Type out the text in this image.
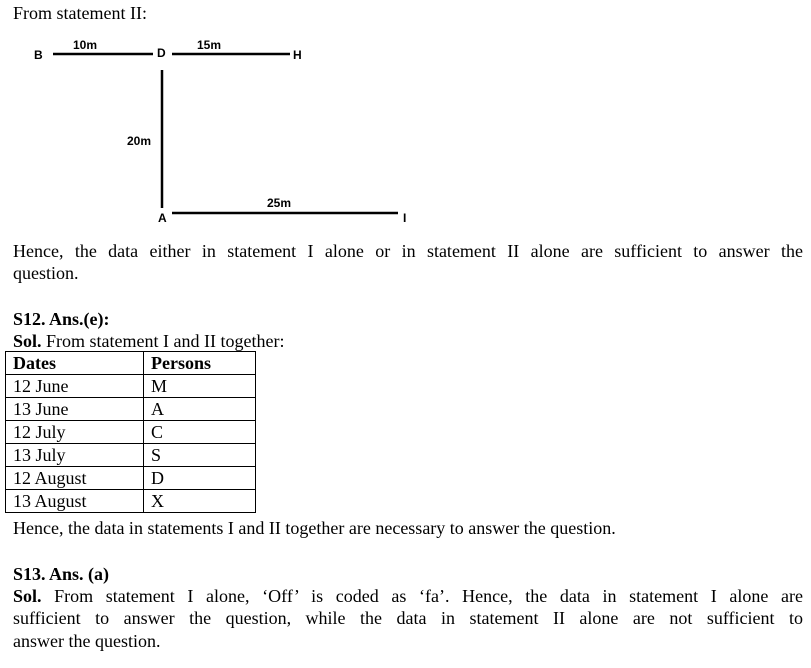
From statement II:
B	D	H
A	I
10m	15m
20m
25m
Hence, the data either in statement I alone or in statement II alone are sufficient to answer the
question.
S12. Ans.(e):
Sol. From statement I and II together:
Dates	Persons
12 June	M
13 June	A
12 July	C
13 July	S
12 August	D
13 August	X
Hence, the data in statements I and II together are necessary to answer the question.
S13. Ans. (a)
Sol. From statement I alone, ‘Off’ is coded as ‘fa’. Hence, the data in statement I alone are
sufficient to answer the question, while the data in statement II alone are not sufficient to
answer the question.
